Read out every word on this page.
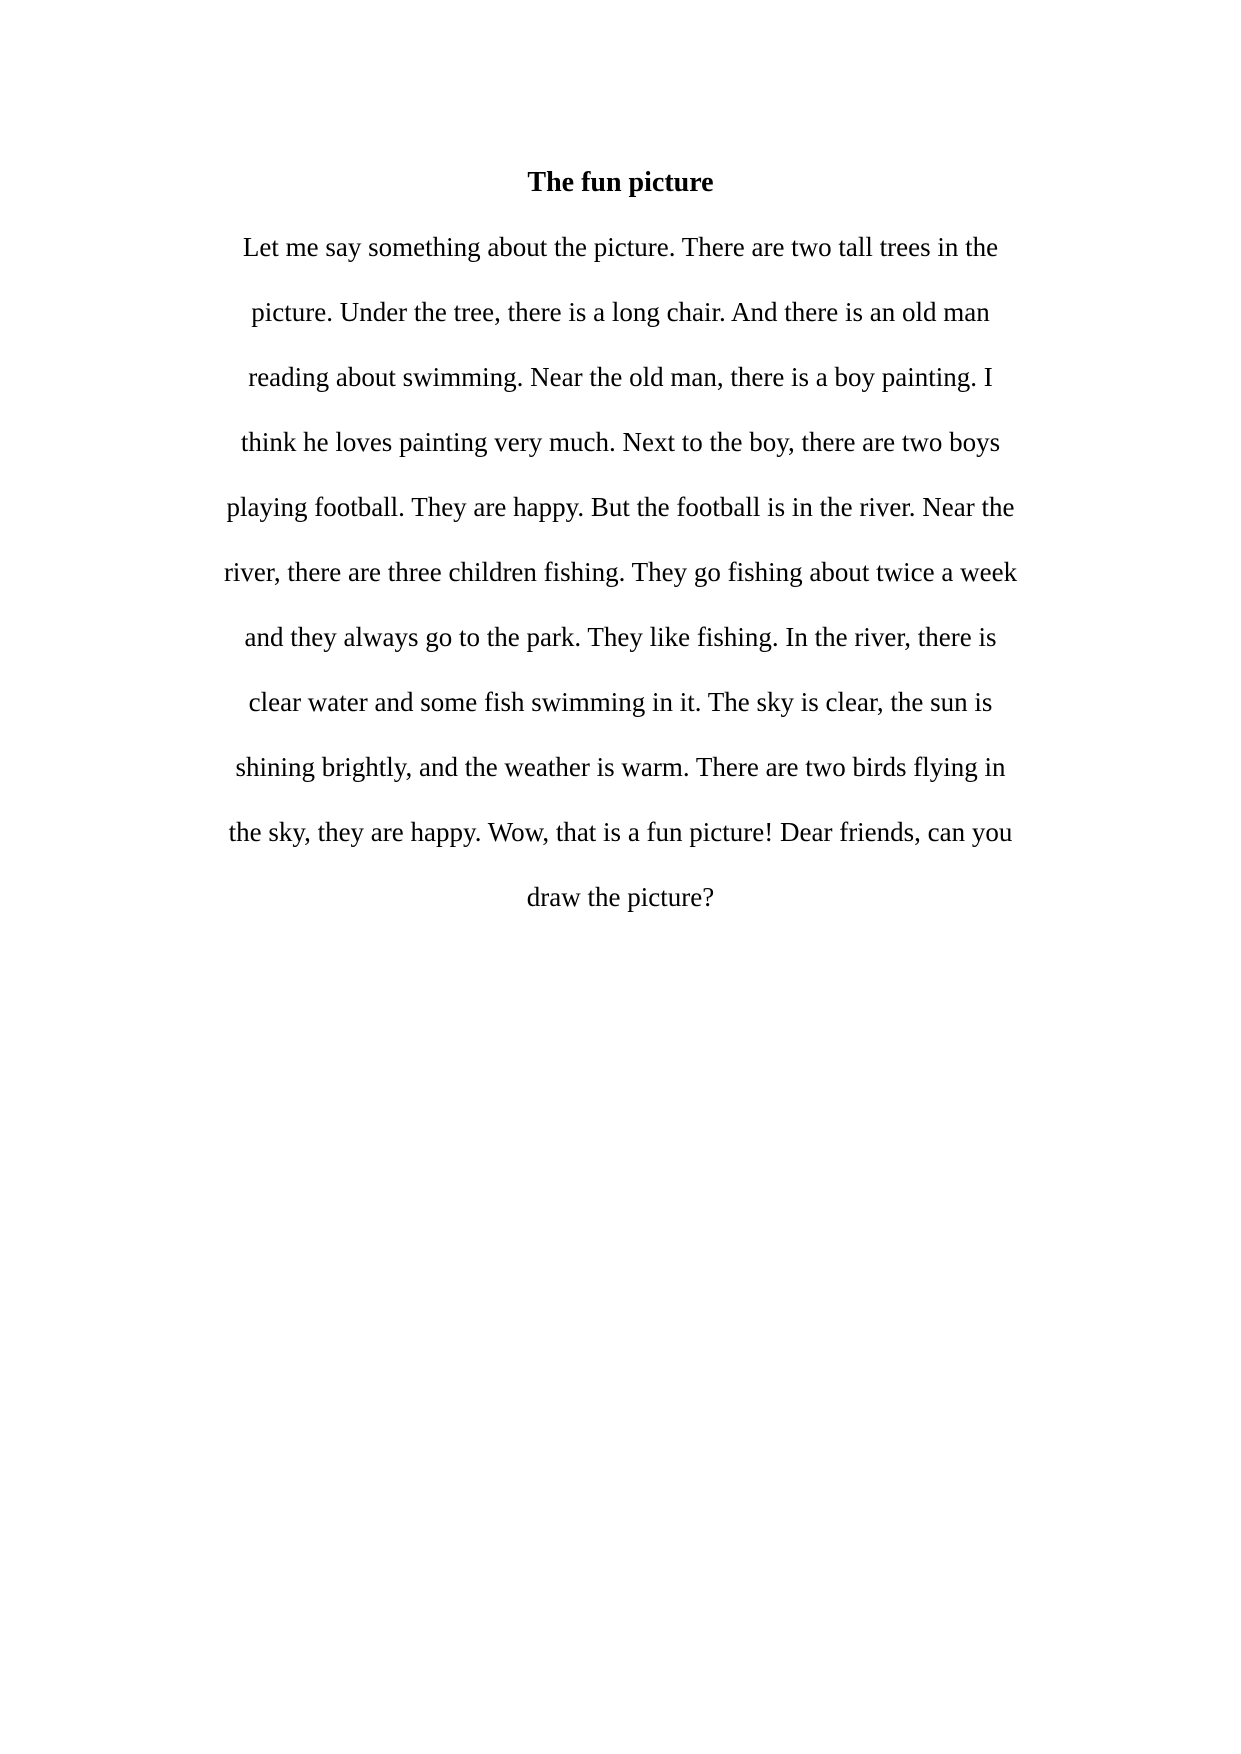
The fun picture
Let me say something about the picture. There are two tall trees in the
picture. Under the tree, there is a long chair. And there is an old man
reading about swimming. Near the old man, there is a boy painting. I
think he loves painting very much. Next to the boy, there are two boys
playing football. They are happy. But the football is in the river. Near the
river, there are three children fishing. They go fishing about twice a week
and they always go to the park. They like fishing. In the river, there is
clear water and some fish swimming in it. The sky is clear, the sun is
shining brightly, and the weather is warm. There are two birds flying in
the sky, they are happy. Wow, that is a fun picture! Dear friends, can you
draw the picture?
